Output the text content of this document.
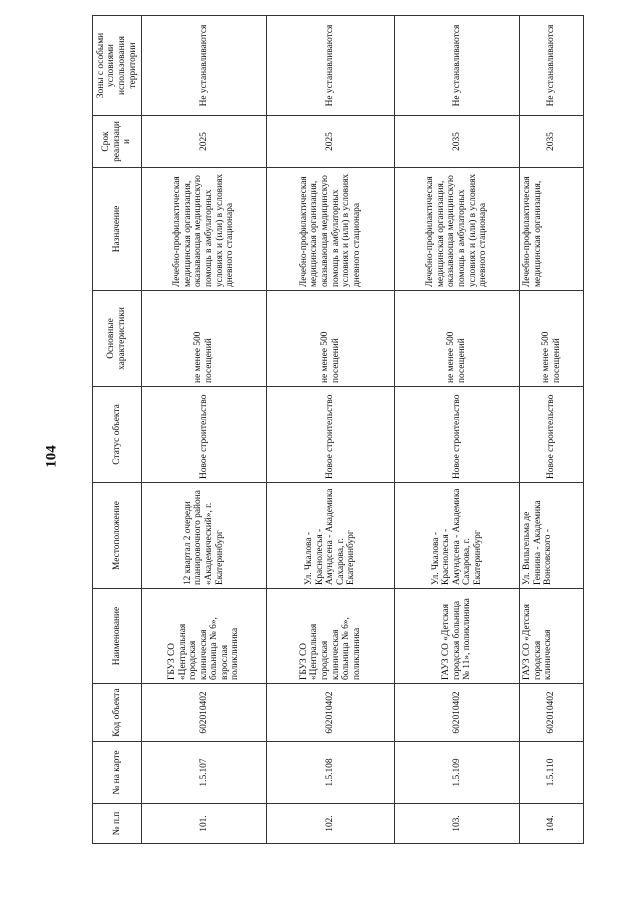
104
№ п.п	№ на карте	Код объекта	Наименование	Местоположение	Статус объекта	Основные характеристики	Назначение	Срок реализации	Зоны с особыми условиями использования территории
101.	1.5.107	602010402	ГБУЗ СО «Центральная городская клиническая больница № 6», взрослая поликлиника	12 квартал 2 очереди планировочного района «Академический», г. Екатеринбург	Новое строительство	не менее 500 посещений	Лечебно-профилактическая медицинская организация, оказывающая медицинскую помощь в амбулаторных условиях и (или) в условиях дневного стационара	2025	Не устанавливаются
102.	1.5.108	602010402	ГБУЗ СО «Центральная городская клиническая больница № 6», поликлиника	Ул. Чкалова - Краснолесья - Амундсена - Академика Сахарова, г. Екатеринбург	Новое строительство	не менее 500 посещений	Лечебно-профилактическая медицинская организация, оказывающая медицинскую помощь в амбулаторных условиях и (или) в условиях дневного стационара	2025	Не устанавливаются
103.	1.5.109	602010402	ГАУЗ СО «Детская городская больница № 11», поликлиника	Ул. Чкалова - Краснолесья - Амундсена - Академика Сахарова, г. Екатеринбург	Новое строительство	не менее 500 посещений	Лечебно-профилактическая медицинская организация, оказывающая медицинскую помощь в амбулаторных условиях и (или) в условиях дневного стационара	2035	Не устанавливаются
104.	1.5.110	602010402	ГАУЗ СО «Детская городская клиническая	Ул. Вильгельма де Геннина - Академика Вонсовского -	Новое строительство	не менее 500 посещений	Лечебно-профилактическая медицинская организация,	2035	Не устанавливаются
